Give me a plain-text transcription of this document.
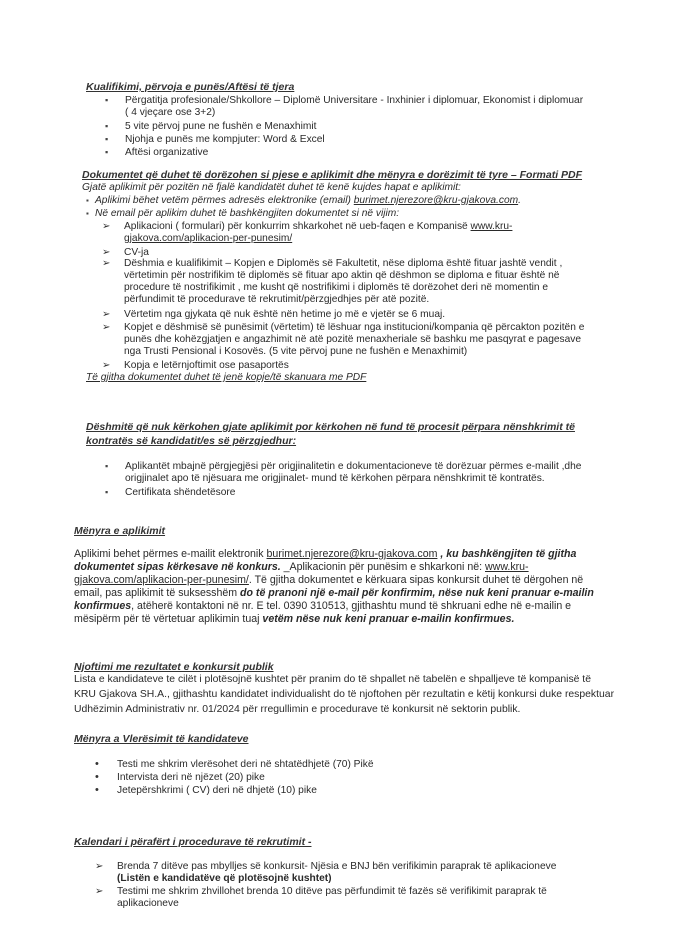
Kualifikimi, përvoja e punës/Aftësi të tjera
▪ Përgatitja profesionale/Shkollore – Diplomë Universitare - Inxhinier i diplomuar, Ekonomist i diplomuar
( 4 vjeçare ose 3+2)
▪ 5 vite përvoj pune ne fushën e Menaxhimit
▪ Njohja e punës me kompjuter: Word & Excel
▪ Aftësi organizative
Dokumentet që duhet të dorëzohen si pjese e aplikimit dhe mënyra e dorëzimit të tyre – Formati PDF
Gjatë aplikimit për pozitën në fjalë kandidatët duhet të kenë kujdes hapat e aplikimit:
▪ Aplikimi bëhet vetëm përmes adresës elektronike (email) burimet.njerezore@kru-gjakova.com.
▪ Në email për aplikim duhet të bashkëngjiten dokumentet si në vijim:
➢ Aplikacioni ( formulari) për konkurrim shkarkohet në ueb-faqen e Kompanisë www.kru-
gjakova.com/aplikacion-per-punesim/
➢ CV-ja
➢ Dëshmia e kualifikimit – Kopjen e Diplomës së Fakultetit, nëse diploma është fituar jashtë vendit ,
vërtetimin për nostrifikim të diplomës së fituar apo aktin që dëshmon se diploma e fituar është në
procedure të nostrifikimit , me kusht që nostrifikimi i diplomës të dorëzohet deri në momentin e
përfundimit të procedurave të rekrutimit/përzgjedhjes për atë pozitë.
➢ Vërtetim nga gjykata që nuk është nën hetime jo më e vjetër se 6 muaj.
➢ Kopjet e dëshmisë së punësimit (vërtetim) të lëshuar nga institucioni/kompania që përcakton pozitën e
punës dhe kohëzgjatjen e angazhimit në atë pozitë menaxheriale së bashku me pasqyrat e pagesave
nga Trusti Pensional i Kosovës. (5 vite përvoj pune ne fushën e Menaxhimit)
➢ Kopja e letërnjoftimit ose pasaportës
Të gjitha dokumentet duhet të jenë kopje/të skanuara me PDF
Dëshmitë që nuk kërkohen gjate aplikimit por kërkohen në fund të procesit përpara nënshkrimit të
kontratës së kandidatit/es së përzgjedhur:
▪ Aplikantët mbajnë përgjegjësi për origjinalitetin e dokumentacioneve të dorëzuar përmes e-mailit ,dhe
origjinalet apo të njësuara me origjinalet- mund të kërkohen përpara nënshkrimit të kontratës.
▪ Certifikata shëndetësore
Mënyra e aplikimit
Aplikimi behet përmes e-mailit elektronik burimet.njerezore@kru-gjakova.com , ku bashkëngjiten të gjitha
dokumentet sipas kërkesave në konkurs. _Aplikacionin për punësim e shkarkoni në: www.kru-
gjakova.com/aplikacion-per-punesim/. Të gjitha dokumentet e kërkuara sipas konkursit duhet të dërgohen në
email, pas aplikimit të suksesshëm do të pranoni një e-mail për konfirmim, nëse nuk keni pranuar e-mailin
konfirmues, atëherë kontaktoni në nr. E tel. 0390 310513, gjithashtu mund të shkruani edhe në e-mailin e
mësipërm për të vërtetuar aplikimin tuaj vetëm nëse nuk keni pranuar e-mailin konfirmues.
Njoftimi me rezultatet e konkursit publik
Lista e kandidateve te cilët i plotësojnë kushtet për pranim do të shpallet në tabelën e shpalljeve të kompanisë të
KRU Gjakova SH.A., gjithashtu kandidatet individualisht do të njoftohen për rezultatin e këtij konkursi duke respektuar
Udhëzimin Administrativ nr. 01/2024 për rregullimin e procedurave të konkursit në sektorin publik.
Mënyra a Vlerësimit të kandidateve
• Testi me shkrim vlerësohet deri në shtatëdhjetë (70) Pikë
• Intervista deri në njëzet (20) pike
• Jetepërshkrimi ( CV) deri në dhjetë (10) pike
Kalendari i përafërt i procedurave të rekrutimit -
➢ Brenda 7 ditëve pas mbylljes së konkursit- Njësia e BNJ bën verifikimin paraprak të aplikacioneve
(Listën e kandidatëve që plotësojnë kushtet)
➢ Testimi me shkrim zhvillohet brenda 10 ditëve pas përfundimit të fazës së verifikimit paraprak të
aplikacioneve
